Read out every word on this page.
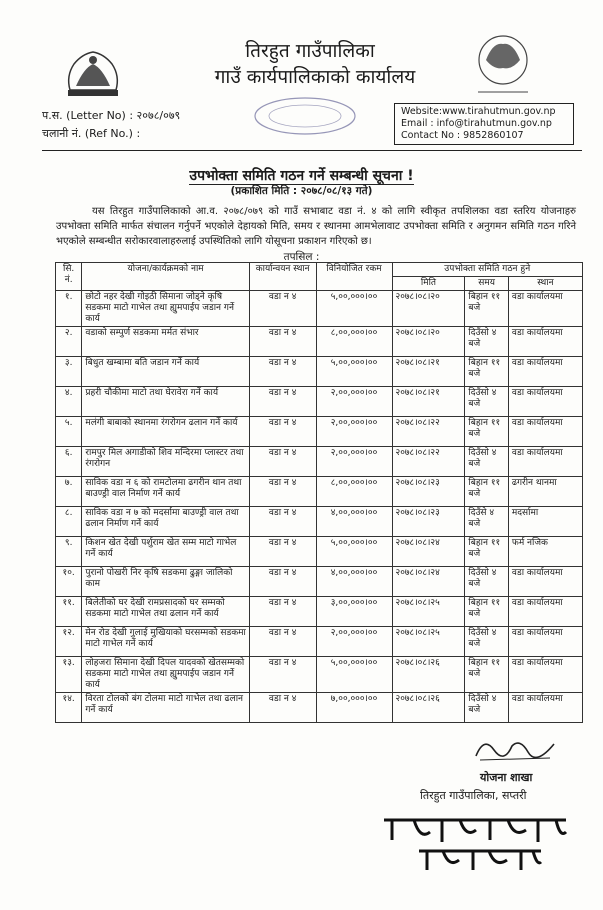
तिरहुत गाउँपालिका
गाउँ कार्यपालिकाको कार्यालय
प.स. (Letter No) : २०७८/०७९
चलानी नं. (Ref No.) :
Website:www.tirahutmun.gov.np
Email : info@tirahutmun.gov.np
Contact No : 9852860107
उपभोक्ता समिति गठन गर्ने सम्बन्धी सूचना !
(प्रकाशित मिति : २०७८/०८/१३ गते)
यस तिरहुत गाउँपालिकाको आ.व. २०७८/०७९ को गाउँ सभाबाट वडा नं. ४ को लागि स्वीकृत तपशिलका वडा स्तरिय योजनाहरु उपभोक्ता समिति मार्फत संचालन गर्नुपर्ने भएकोले देहायको मिति, समय र स्थानमा आमभेलावाट उपभोक्ता समिति र अनुगमन समिति गठन गरिने भएकोले सम्बन्धीत सरोकारवालाहरुलाई उपस्थितिको लागि योसूचना प्रकाशन गरिएको छ।
तपसिल :
सि. नं.	योजना/कार्यक्रमको नाम	कार्यान्वयन स्थान	विनियोजित रकम	उपभोक्ता समिति गठन हुने		
				मिति	समय	स्थान
१.	छोटो नहर देखी गोइठी सिमाना जोड्ने कृषि सडकमा माटो गाभेल तथा ह्युमपाईप जडान गर्ने कार्य	वडा न ४	५,००,०००।००	२०७८।०८।२०	बिहान ११ बजे	वडा कार्यालयमा
२.	वडाको सम्पुर्ण सडकमा मर्मत संभार	वडा न ४	८,००,०००।००	२०७८।०८।२०	दिउँसो ४ बजे	वडा कार्यालयमा
३.	बिधुत खम्बामा बति जडान गर्ने कार्य	वडा न ४	५,००,०००।००	२०७८।०८।२१	बिहान ११ बजे	वडा कार्यालयमा
४.	प्रहरी चौकीमा माटो तथा घेरावेरा गर्ने कार्य	वडा न ४	२,००,०००।००	२०७८।०८।२१	दिउँसो ४ बजे	वडा कार्यालयमा
५.	मलंगी बाबाको स्थानमा रंगरोगन ढलान गर्ने कार्य	वडा न ४	२,००,०००।००	२०७८।०८।२२	बिहान ११ बजे	वडा कार्यालयमा
६.	रामपुर मिल अगाडीको शिव मन्दिरमा प्लास्टर तथा रंगरोगन	वडा न ४	२,००,०००।००	२०७८।०८।२२	दिउँसो ४ बजे	वडा कार्यालयमा
७.	साविक वडा न ६ को रामटोलमा ढगरीन थान तथा बाउण्ड्री वाल निर्माण गर्ने कार्य	वडा न ४	८,००,०००।००	२०७८।०८।२३	बिहान ११ बजे	ढगरीन थानमा
८.	साविक वडा न ७ को मदर्सामा बाउण्ड्री वाल तथा ढलान निर्माण गर्ने कार्य	वडा न ४	४,००,०००।००	२०७८।०८।२३	दिउँसे ४ बजे	मदर्सामा
९.	किशन खेत देखी पर्शुराम खेत सम्म माटो गाभेल गर्ने कार्य	वडा न ४	५,००,०००।००	२०७८।०८।२४	बिहान ११ बजे	फर्म नजिक
१०.	पुरानो पोखरी निर कृषि सडकमा ढुङ्गा जालिको काम	वडा न ४	४,००,०००।००	२०७८।०८।२४	दिउँसो ४ बजे	वडा कार्यालयमा
११.	बिलेतीको घर देखी रामप्रसादको घर सम्मको सडकमा माटो गाभेल तथा ढलान गर्ने कार्य	वडा न ४	३,००,०००।००	२०७८।०८।२५	बिहान ११ बजे	वडा कार्यालयमा
१२.	मेन रोड देखी गुलाई मुखियाको घरसम्मको सडकमा माटो गाभेल गर्ने कार्य	वडा न ४	२,००,०००।००	२०७८।०८।२५	दिउँसो ४ बजे	वडा कार्यालयमा
१३.	लोहजरा सिमाना देखी दिपल यादवको खेतसम्मको सडकमा माटो गाभेल तथा ह्युमपाईप जडान गर्ने कार्य	वडा न ४	५,००,०००।००	२०७८।०८।२६	बिहान ११ बजे	वडा कार्यालयमा
१४.	विरता टोलको बंग टोलमा माटो गाभेल तथा ढलान गर्ने कार्य	वडा न ४	७,००,०००।००	२०७८।०८।२६	दिउँसो ४ बजे	वडा कार्यालयमा
योजना शाखा
तिरहुत गाउँपालिका, सप्तरी
